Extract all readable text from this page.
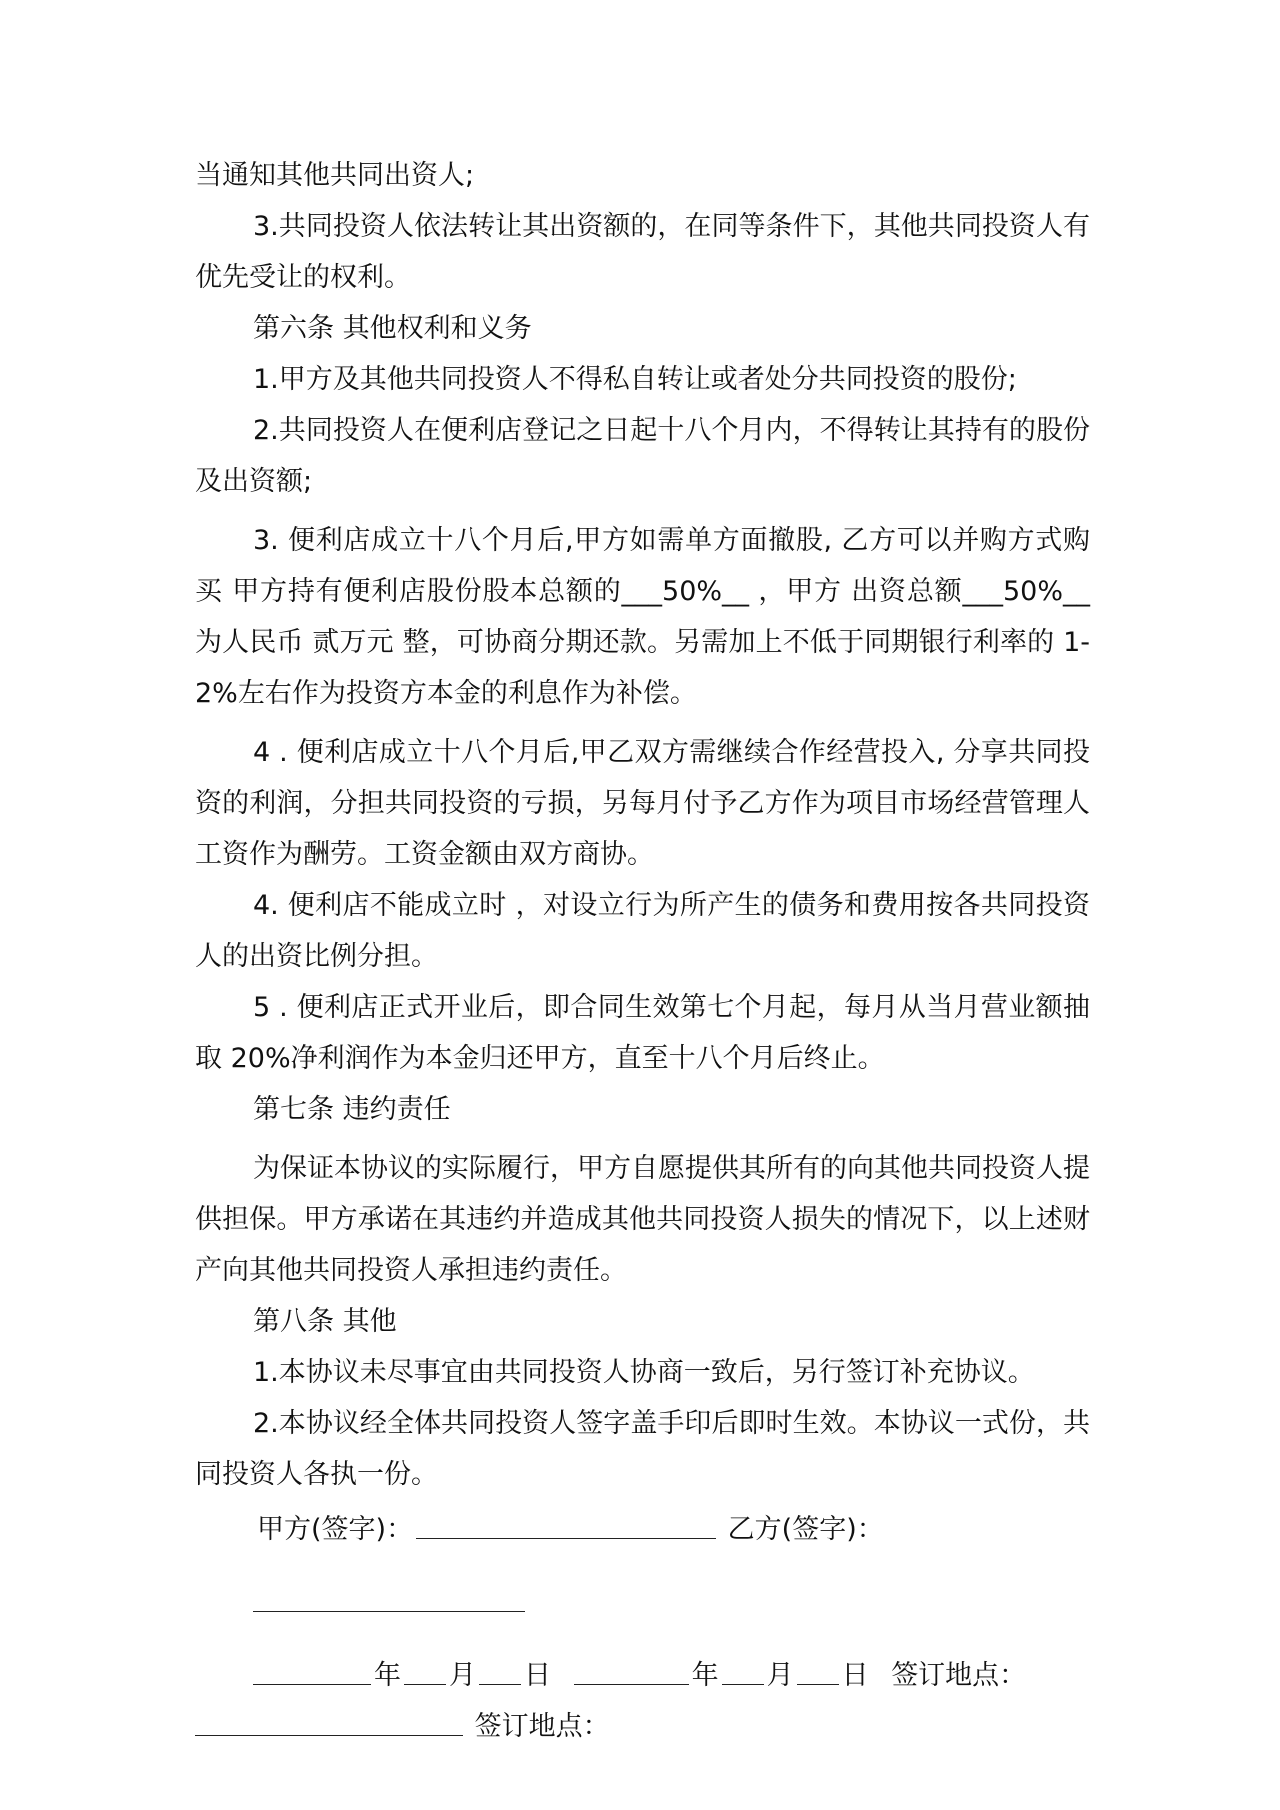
当通知其他共同出资人;

3.共同投资人依法转让其出资额的，在同等条件下，其他共同投资人有优先受让的权利。

第六条 其他权利和义务

1.甲方及其他共同投资人不得私自转让或者处分共同投资的股份;

2.共同投资人在便利店登记之日起十八个月内，不得转让其持有的股份及出资额;

3. 便利店成立十八个月后,甲方如需单方面撤股, 乙方可以并购方式购买 甲方持有便利店股份股本总额的___50%__ ，甲方 出资总额___50%__为人民币 贰万元 整，可协商分期还款。另需加上不低于同期银行利率的 1-2%左右作为投资方本金的利息作为补偿。

4 . 便利店成立十八个月后,甲乙双方需继续合作经营投入, 分享共同投资的利润，分担共同投资的亏损，另每月付予乙方作为项目市场经营管理人工资作为酬劳。工资金额由双方商协。

4. 便利店不能成立时 ，对设立行为所产生的债务和费用按各共同投资人的出资比例分担。

5 . 便利店正式开业后，即合同生效第七个月起，每月从当月营业额抽取 20%净利润作为本金归还甲方，直至十八个月后终止。

第七条 违约责任

为保证本协议的实际履行，甲方自愿提供其所有的向其他共同投资人提供担保。甲方承诺在其违约并造成其他共同投资人损失的情况下，以上述财产向其他共同投资人承担违约责任。

第八条 其他

1.本协议未尽事宜由共同投资人协商一致后，另行签订补充协议。

2.本协议经全体共同投资人签字盖手印后即时生效。本协议一式份，共同投资人各执一份。

甲方(签字)：	乙方(签字)：
年 月 日	年 月 日 签订地点：
签订地点：
